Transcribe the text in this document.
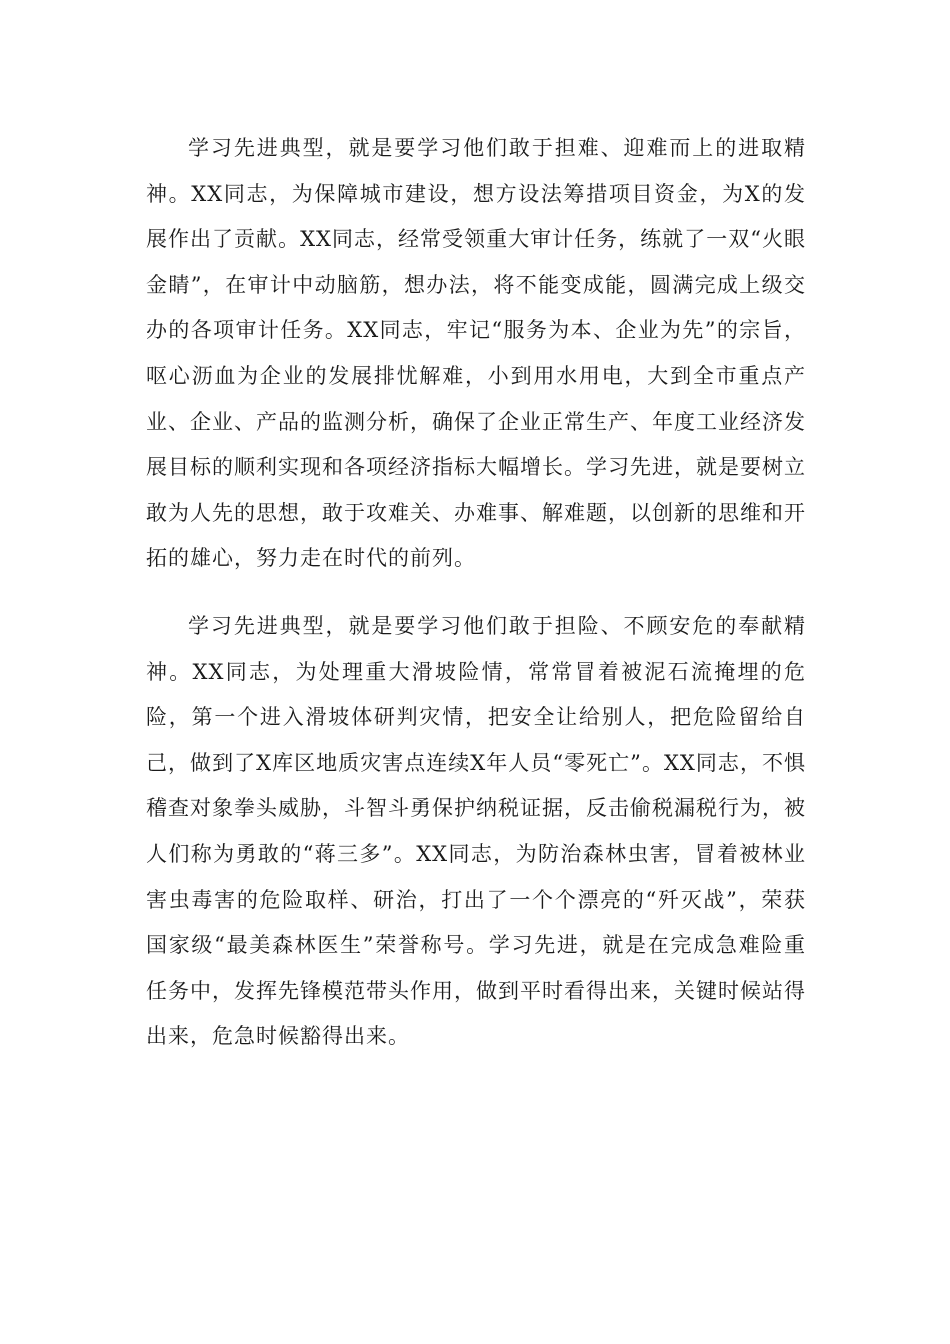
学习先进典型，就是要学习他们敢于担难、迎难而上的进取精神。XX同志，为保障城市建设，想方设法筹措项目资金，为X的发展作出了贡献。XX同志，经常受领重大审计任务，练就了一双“火眼金睛”，在审计中动脑筋，想办法，将不能变成能，圆满完成上级交办的各项审计任务。XX同志，牢记“服务为本、企业为先”的宗旨，呕心沥血为企业的发展排忧解难，小到用水用电，大到全市重点产业、企业、产品的监测分析，确保了企业正常生产、年度工业经济发展目标的顺利实现和各项经济指标大幅增长。学习先进，就是要树立敢为人先的思想，敢于攻难关、办难事、解难题，以创新的思维和开拓的雄心，努力走在时代的前列。

学习先进典型，就是要学习他们敢于担险、不顾安危的奉献精神。XX同志，为处理重大滑坡险情，常常冒着被泥石流掩埋的危险，第一个进入滑坡体研判灾情，把安全让给别人，把危险留给自己，做到了X库区地质灾害点连续X年人员“零死亡”。XX同志，不惧稽查对象拳头威胁，斗智斗勇保护纳税证据，反击偷税漏税行为，被人们称为勇敢的“蒋三多”。XX同志，为防治森林虫害，冒着被林业害虫毒害的危险取样、研治，打出了一个个漂亮的“歼灭战”，荣获国家级“最美森林医生”荣誉称号。学习先进，就是在完成急难险重任务中，发挥先锋模范带头作用，做到平时看得出来，关键时候站得出来，危急时候豁得出来。
